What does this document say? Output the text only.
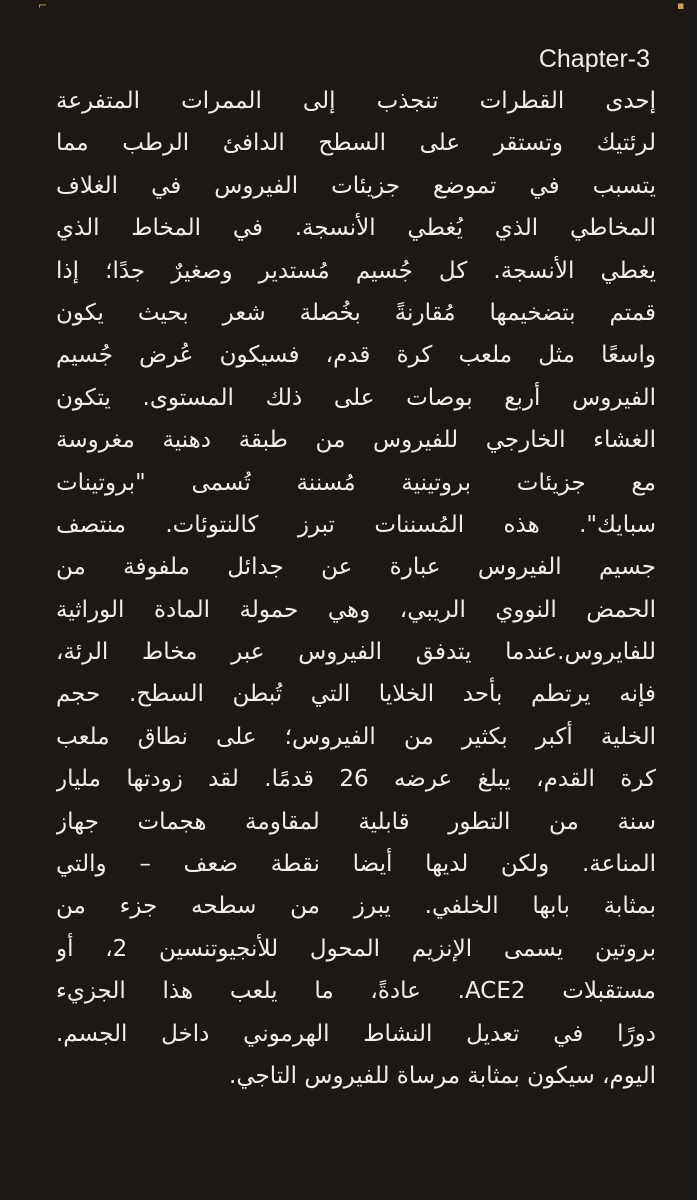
⌐	▪

Chapter-3

إحدى القطرات تنجذب إلى الممرات المتفرعة
لرئتيك وتستقر على السطح الدافئ الرطب مما
يتسبب في تموضع جزيئات الفيروس في الغلاف
المخاطي الذي يُغطي الأنسجة. في المخاط الذي
يغطي الأنسجة. كل جُسيم مُستدير وصغيرٌ جدًا؛ إذا
قمتم بتضخيمها مُقارنةً بخُصلة شعر بحيث يكون
واسعًا مثل ملعب كرة قدم، فسيكون عُرض جُسيم
الفيروس أربع بوصات على ذلك المستوى. يتكون
الغشاء الخارجي للفيروس من طبقة دهنية مغروسة
مع جزيئات بروتينية مُسننة تُسمى "بروتينات
سبايك". هذه المُسننات تبرز كالنتوئات. منتصف
جسيم الفيروس عبارة عن جدائل ملفوفة من
الحمض النووي الريبي، وهي حمولة المادة الوراثية
للفايروس.عندما يتدفق الفيروس عبر مخاط الرئة،
فإنه يرتطم بأحد الخلايا التي تُبطن السطح. حجم
الخلية أكبر بكثير من الفيروس؛ على نطاق ملعب
كرة القدم، يبلغ عرضه 26 قدمًا. لقد زودتها مليار
سنة من التطور قابلية لمقاومة هجمات جهاز
المناعة. ولكن لديها أيضا نقطة ضعف – والتي
بمثابة بابها الخلفي. يبرز من سطحه جزء من
بروتين يسمى الإنزيم المحول للأنجيوتنسين 2، أو
مستقبلات ACE2. عادةً، ما يلعب هذا الجزيء
دورًا في تعديل النشاط الهرموني داخل الجسم.
اليوم، سيكون بمثابة مرساة للفيروس التاجي.
